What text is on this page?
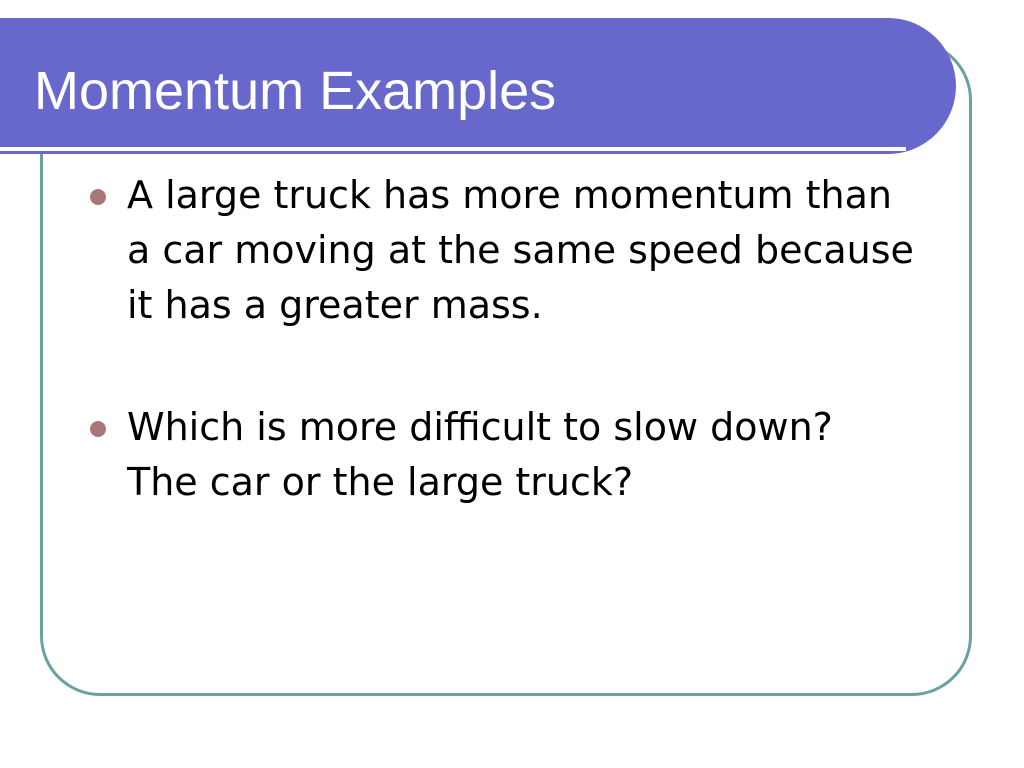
Momentum Examples
A large truck has more momentum than a car moving at the same speed because it has a greater mass.
Which is more difficult to slow down?  The car or the large truck?
